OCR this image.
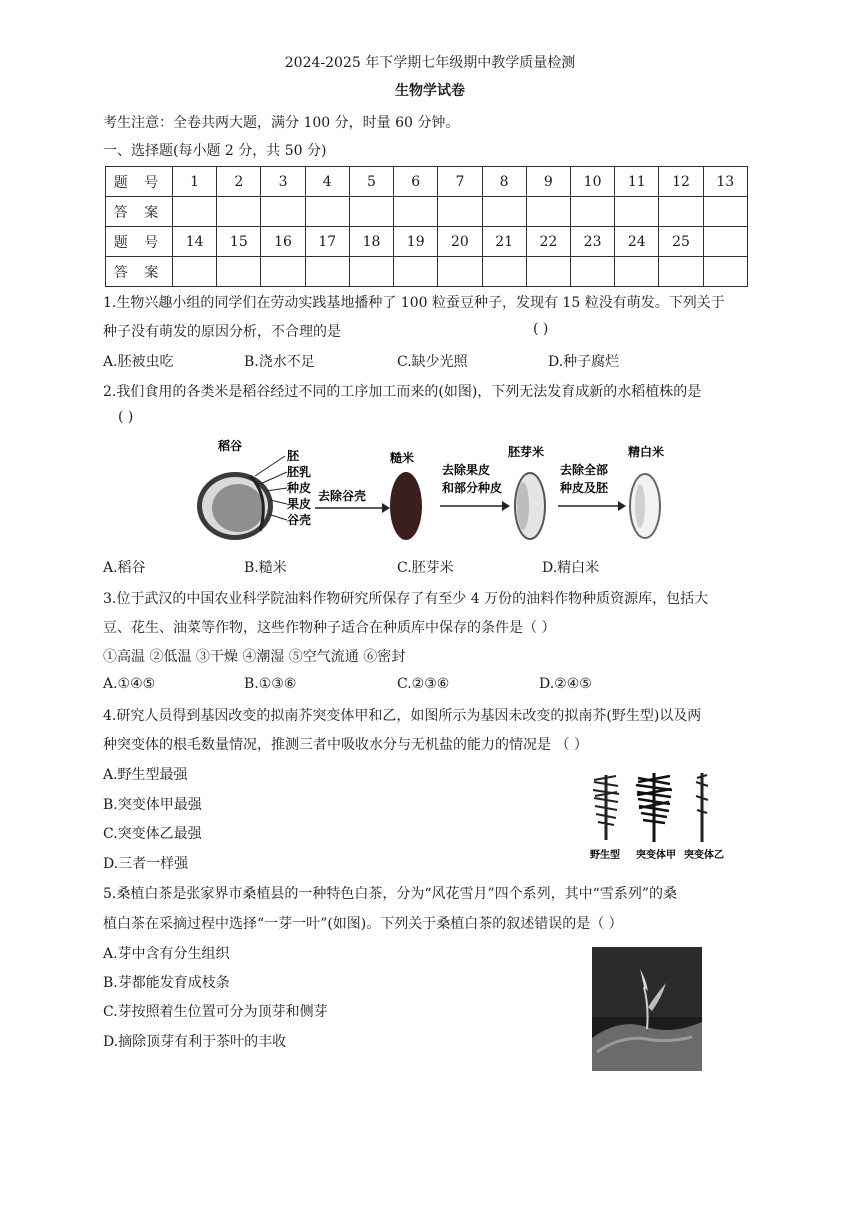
2024-2025 年下学期七年级期中教学质量检测
生物学试卷
考生注意：全卷共两大题，满分 100 分，时量 60 分钟。
一、选择题(每小题 2 分，共 50 分)
题 号	1	2	3	4	5	6	7	8	9	10	11	12	13
答 案													
题 号	14	15	16	17	18	19	20	21	22	23	24	25	
答 案													
1.生物兴趣小组的同学们在劳动实践基地播种了 100 粒蚕豆种子，发现有 15 粒没有萌发。下列关于
种子没有萌发的原因分析，不合理的是	( )
A.胚被虫吃	B.浇水不足	C.缺少光照	D.种子腐烂
2.我们食用的各类米是稻谷经过不同的工序加工而来的(如图)，下列无法发育成新的水稻植株的是
( )
稻谷
胚
胚乳
种皮
果皮
谷壳
去除谷壳
糙米
去除果皮
和部分种皮
胚芽米
去除全部
种皮及胚
精白米
A.稻谷	B.糙米	C.胚芽米	D.精白米
3.位于武汉的中国农业科学院油料作物研究所保存了有至少 4 万份的油料作物种质资源库，包括大
豆、花生、油菜等作物，这些作物种子适合在种质库中保存的条件是（ ）
①高温 ②低温 ③干燥 ④潮湿 ⑤空气流通 ⑥密封
A.①④⑤	B.①③⑥	C.②③⑥	D.②④⑤
4.研究人员得到基因改变的拟南芥突变体甲和乙，如图所示为基因未改变的拟南芥(野生型)以及两
种突变体的根毛数量情况，推测三者中吸收水分与无机盐的能力的情况是 （ ）
A.野生型最强
B.突变体甲最强
C.突变体乙最强
D.三者一样强
野生型 突变体甲 突变体乙
5.桑植白茶是张家界市桑植县的一种特色白茶，分为“风花雪月”四个系列，其中“雪系列”的桑
植白茶在采摘过程中选择“一芽一叶”(如图)。下列关于桑植白茶的叙述错误的是（ ）
A.芽中含有分生组织
B.芽都能发育成枝条
C.芽按照着生位置可分为顶芽和侧芽
D.摘除顶芽有利于茶叶的丰收
